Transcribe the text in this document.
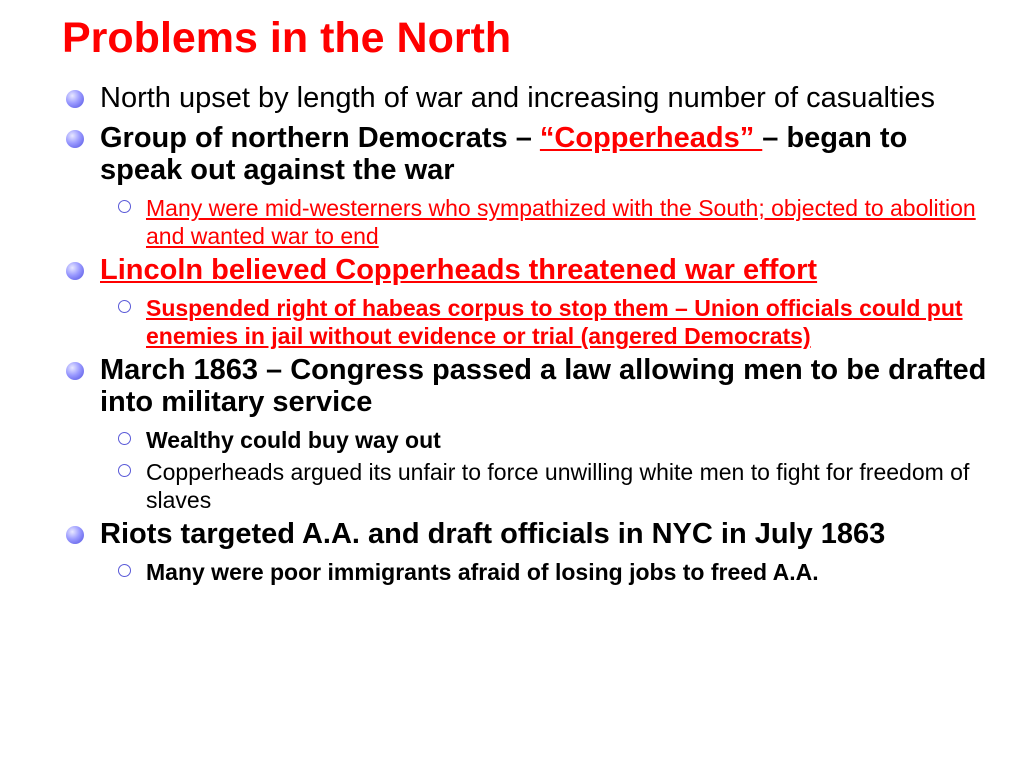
Problems in the North
North upset by length of war and increasing number of casualties
Group of northern Democrats – “Copperheads” – began to speak out against the war
Many were mid-westerners who sympathized with the South; objected to abolition and wanted war to end
Lincoln believed Copperheads threatened war effort
Suspended right of habeas corpus to stop them – Union officials could put enemies in jail without evidence or trial (angered Democrats)
March 1863 – Congress passed a law allowing men to be drafted into military service
Wealthy could buy way out
Copperheads argued its unfair to force unwilling white men to fight for freedom of slaves
Riots targeted A.A. and draft officials in NYC in July 1863
Many were poor immigrants afraid of losing jobs to freed A.A.
